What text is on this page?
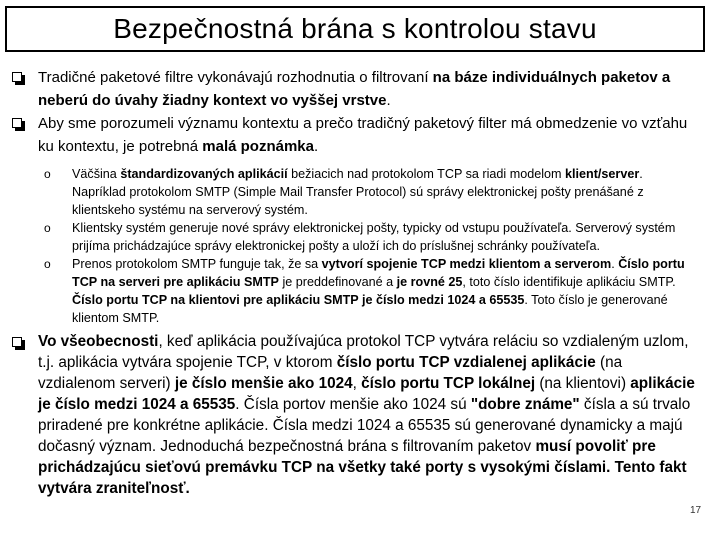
Bezpečnostná brána s kontrolou stavu
Tradičné paketové filtre vykonávajú rozhodnutia o filtrovaní na báze individuálnych paketov a neberú do úvahy žiadny kontext vo vyššej vrstve.
Aby sme porozumeli významu kontextu a prečo tradičný paketový filter má obmedzenie vo vzťahu ku kontextu, je potrebná malá poznámka.
o Väčšina štandardizovaných aplikácií bežiacich nad protokolom TCP sa riadi modelom klient/server. Napríklad protokolom SMTP (Simple Mail Transfer Protocol) sú správy elektronickej pošty prenášané z klientskeho systému na serverový systém.
o Klientsky systém generuje nové správy elektronickej pošty, typicky od vstupu používateľa. Serverový systém prijíma prichádzajúce správy elektronickej pošty a uloží ich do príslušnej schránky používateľa.
o Prenos protokolom SMTP funguje tak, že sa vytvorí spojenie TCP medzi klientom a serverom. Číslo portu TCP na serveri pre aplikáciu SMTP je preddefinované a je rovné 25, toto číslo identifikuje aplikáciu SMTP. Číslo portu TCP na klientovi pre aplikáciu SMTP je číslo medzi 1024 a 65535. Toto číslo je generované klientom SMTP.
Vo všeobecnosti, keď aplikácia používajúca protokol TCP vytvára reláciu so vzdialeným uzlom, t.j. aplikácia vytvára spojenie TCP, v ktorom číslo portu TCP vzdialenej aplikácie (na vzdialenom serveri) je číslo menšie ako 1024, číslo portu TCP lokálnej (na klientovi) aplikácie je číslo medzi 1024 a 65535. Čísla portov menšie ako 1024 sú "dobre známe" čísla a sú trvalo priradené pre konkrétne aplikácie. Čísla medzi 1024 a 65535 sú generované dynamicky a majú dočasný význam. Jednoduchá bezpečnostná brána s filtrovaním paketov musí povoliť pre prichádzajúcu sieťovú premávku TCP na všetky také porty s vysokými číslami. Tento fakt vytvára zraniteľnosť.
17
